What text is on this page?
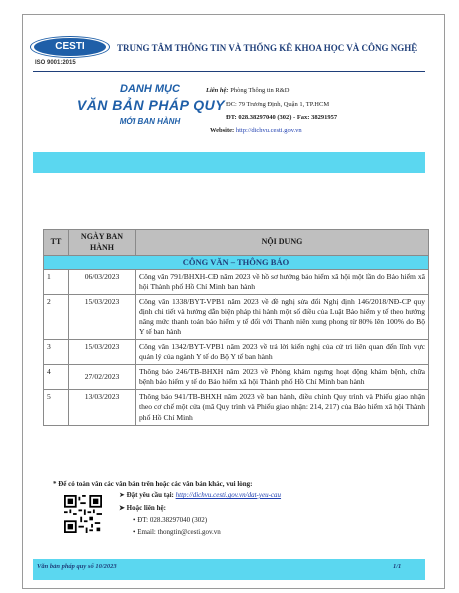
CESTI
ISO 9001:2015
TRUNG TÂM THÔNG TIN VÀ THỐNG KÊ KHOA HỌC VÀ CÔNG NGHỆ
DANH MỤC
VĂN BẢN PHÁP QUY
MỚI BAN HÀNH
Liên hệ: Phòng Thông tin R&D
ĐC: 79 Trương Định, Quận 1, TP.HCM
ĐT: 028.38297040 (302) - Fax: 38291957
Website: http://dichvu.cesti.gov.vn
TT	NGÀY BAN HÀNH	NỘI DUNG
CÔNG VĂN – THÔNG BÁO		
1	06/03/2023	Công văn 791/BHXH-CĐ năm 2023 về hồ sơ hưởng bảo hiểm xã hội một lần do Bảo hiểm xã hội Thành phố Hồ Chí Minh ban hành
2	15/03/2023	Công văn 1338/BYT-VPB1 năm 2023 về đề nghị sửa đổi Nghị định 146/2018/NĐ-CP quy định chi tiết và hướng dẫn biện pháp thi hành một số điều của Luật Bảo hiểm y tế theo hướng nâng mức thanh toán bảo hiểm y tế đối với Thanh niên xung phong từ 80% lên 100% do Bộ Y tế ban hành
3	15/03/2023	Công văn 1342/BYT-VPB1 năm 2023 về trả lời kiến nghị của cử tri liên quan đến lĩnh vực quản lý của ngành Y tế do Bộ Y tế ban hành
4	27/02/2023	Thông báo 246/TB-BHXH năm 2023 về Phòng khám ngưng hoạt động khám bệnh, chữa bệnh bảo hiểm y tế do Bảo hiểm xã hội Thành phố Hồ Chí Minh ban hành
5	13/03/2023	Thông báo 941/TB-BHXH năm 2023 về ban hành, điều chỉnh Quy trình và Phiếu giao nhận theo cơ chế một cửa (mã Quy trình và Phiếu giao nhận: 214, 217) của Bảo hiểm xã hội Thành phố Hồ Chí Minh
* Để có toàn văn các văn bản trên hoặc các văn bản khác, vui lòng:
➤ Đặt yêu cầu tại: http://dichvu.cesti.gov.vn/dat-yeu-cau
➤ Hoặc liên hệ:
• ĐT: 028.38297040 (302)
• Email: thongtin@cesti.gov.vn
Văn bản pháp quy số 10/2023	1/1
